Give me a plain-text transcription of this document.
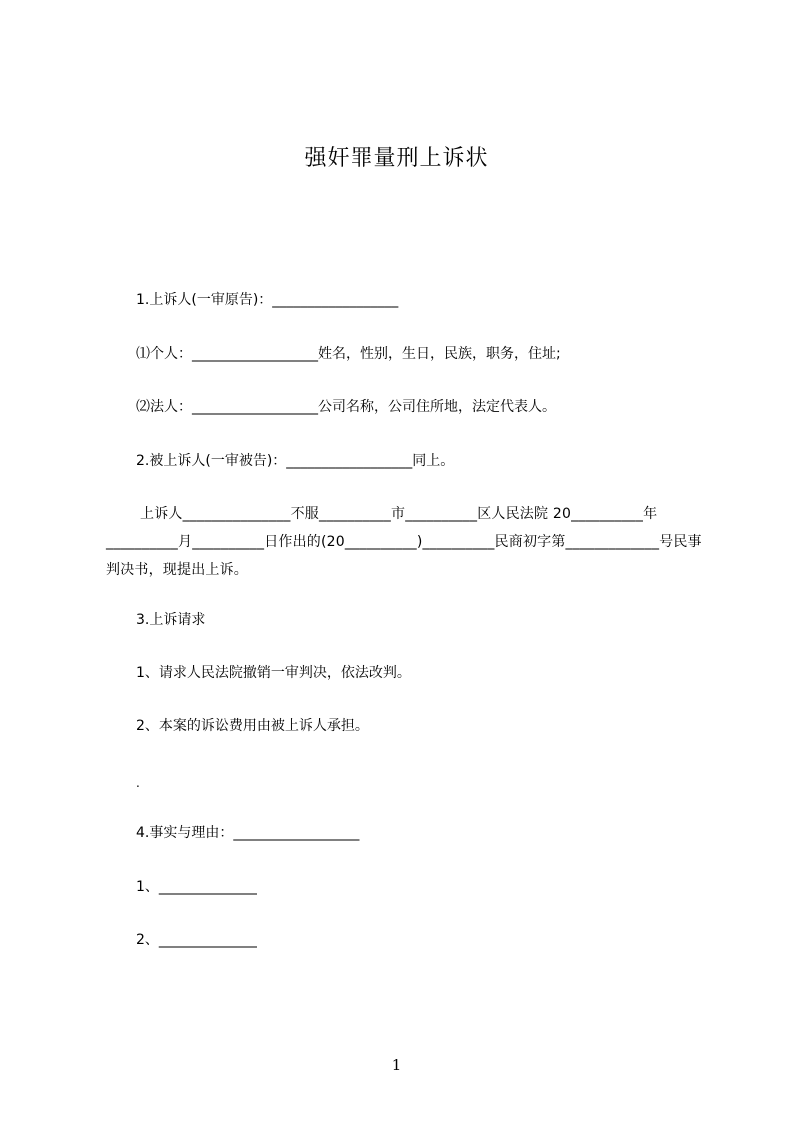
强奸罪量刑上诉状
1.上诉人(一审原告)：__________________
⑴个人：__________________姓名，性别，生日，民族，职务，住址;
⑵法人：__________________公司名称，公司住所地，法定代表人。
2.被上诉人(一审被告)：__________________同上。
上诉人_______________不服__________市__________区人民法院 20__________年__________月__________日作出的(20__________)__________民商初字第_____________号民事判决书，现提出上诉。
3.上诉请求
1、请求人民法院撤销一审判决，依法改判。
2、本案的诉讼费用由被上诉人承担。
.
4.事实与理由：__________________
1、______________
2、______________
1
